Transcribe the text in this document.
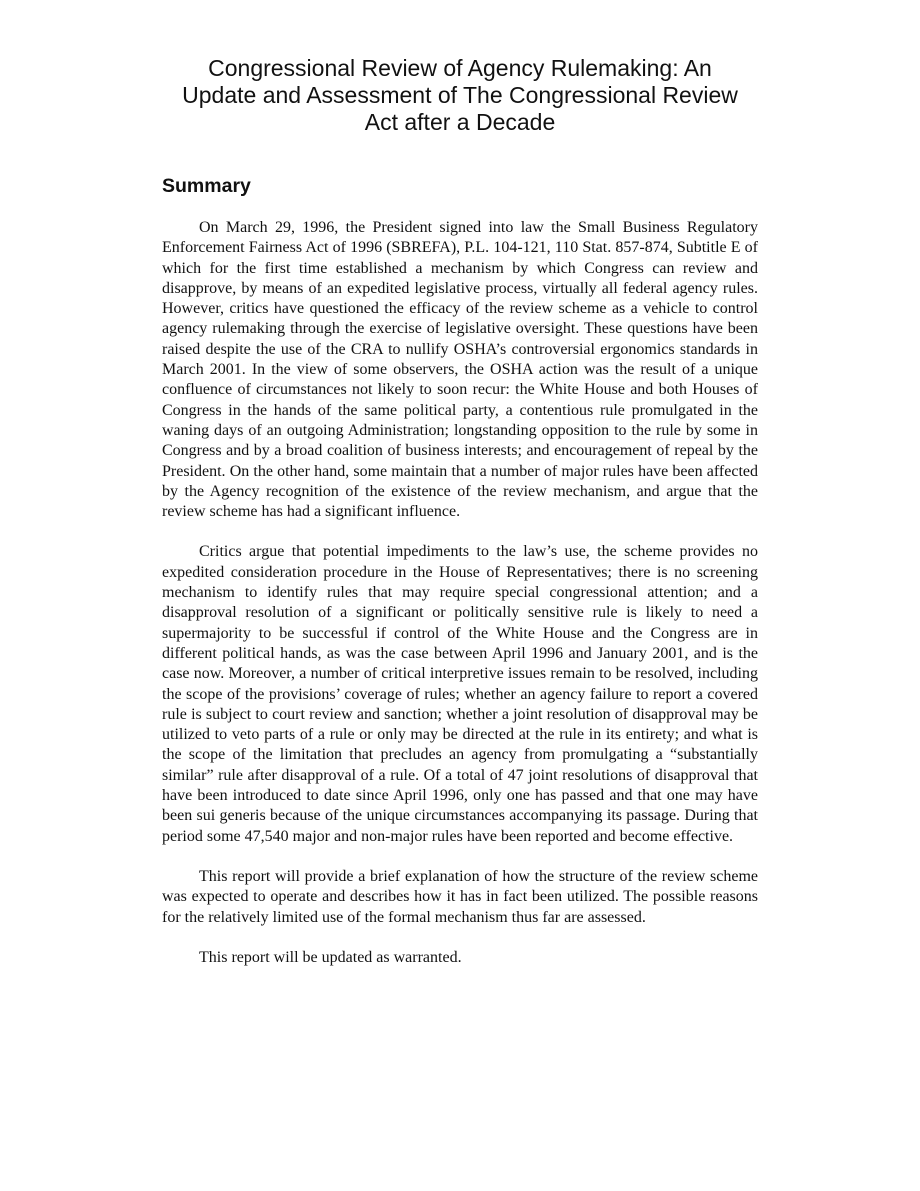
Congressional Review of Agency Rulemaking: An
Update and Assessment of The Congressional Review
Act after a Decade
Summary

On March 29, 1996, the President signed into law the Small Business Regulatory Enforcement Fairness Act of 1996 (SBREFA), P.L. 104-121, 110 Stat. 857-874, Subtitle E of which for the first time established a mechanism by which Congress can review and disapprove, by means of an expedited legislative process, virtually all federal agency rules. However, critics have questioned the efficacy of the review scheme as a vehicle to control agency rulemaking through the exercise of legislative oversight. These questions have been raised despite the use of the CRA to nullify OSHA’s controversial ergonomics standards in March 2001. In the view of some observers, the OSHA action was the result of a unique confluence of circumstances not likely to soon recur: the White House and both Houses of Congress in the hands of the same political party, a contentious rule promulgated in the waning days of an outgoing Administration; longstanding opposition to the rule by some in Congress and by a broad coalition of business interests; and encouragement of repeal by the President. On the other hand, some maintain that a number of major rules have been affected by the Agency recognition of the existence of the review mechanism, and argue that the review scheme has had a significant influence.

Critics argue that potential impediments to the law’s use, the scheme provides no expedited consideration procedure in the House of Representatives; there is no screening mechanism to identify rules that may require special congressional attention; and a disapproval resolution of a significant or politically sensitive rule is likely to need a supermajority to be successful if control of the White House and the Congress are in different political hands, as was the case between April 1996 and January 2001, and is the case now. Moreover, a number of critical interpretive issues remain to be resolved, including the scope of the provisions’ coverage of rules; whether an agency failure to report a covered rule is subject to court review and sanction; whether a joint resolution of disapproval may be utilized to veto parts of a rule or only may be directed at the rule in its entirety; and what is the scope of the limitation that precludes an agency from promulgating a “substantially similar” rule after disapproval of a rule. Of a total of 47 joint resolutions of disapproval that have been introduced to date since April 1996, only one has passed and that one may have been sui generis because of the unique circumstances accompanying its passage. During that period some 47,540 major and non-major rules have been reported and become effective.

This report will provide a brief explanation of how the structure of the review scheme was expected to operate and describes how it has in fact been utilized. The possible reasons for the relatively limited use of the formal mechanism thus far are assessed.

This report will be updated as warranted.
